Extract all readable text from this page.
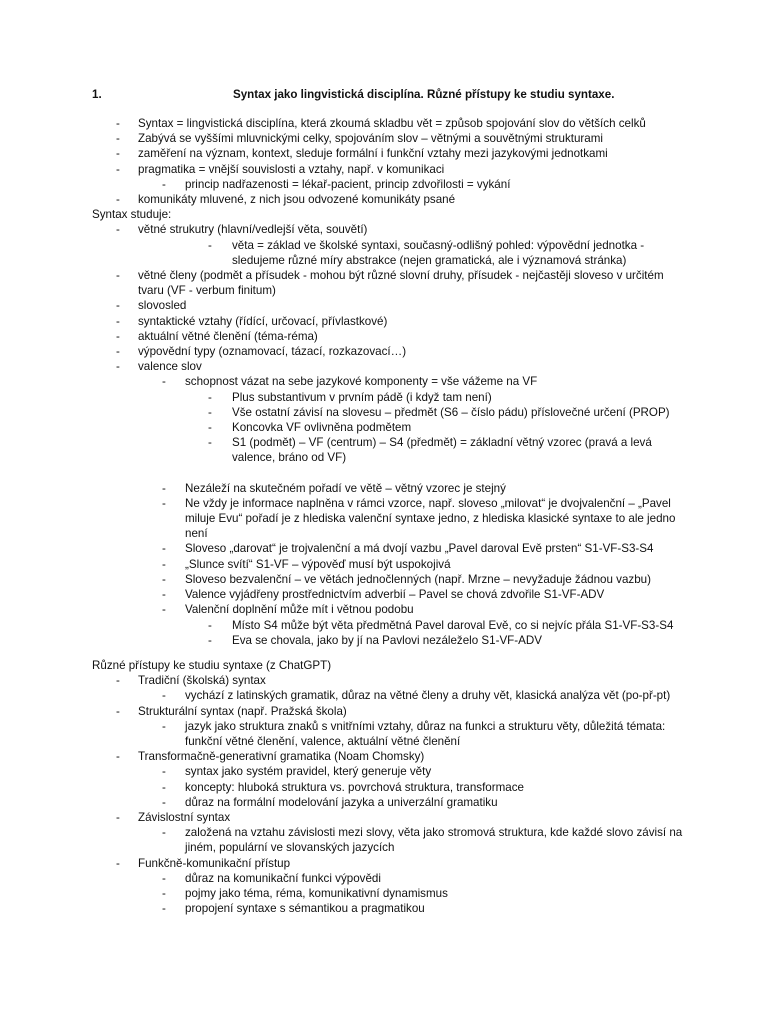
1.	Syntax jako lingvistická disciplína. Různé přístupy ke studiu syntaxe.
- Syntax = lingvistická disciplína, která zkoumá skladbu vět = způsob spojování slov do větších celků
- Zabývá se vyššími mluvnickými celky, spojováním slov – větnými a souvětnými strukturami
- zaměření na význam, kontext, sleduje formální i funkční vztahy mezi jazykovými jednotkami
- pragmatika = vnější souvislosti a vztahy, např. v komunikaci
- princip nadřazenosti = lékař-pacient, princip zdvořilosti = vykání
- komunikáty mluvené, z nich jsou odvozené komunikáty psané

Syntax studuje:

- větné strukutry (hlavní/vedlejší věta, souvětí)
- věta = základ ve školské syntaxi, současný-odlišný pohled: výpovědní jednotka - sledujeme různé míry abstrakce (nejen gramatická, ale i významová stránka)
- větné členy (podmět a přísudek - mohou být různé slovní druhy, přísudek - nejčastěji sloveso v určitém tvaru (VF - verbum finitum)
- slovosled
- syntaktické vztahy (řídící, určovací, přívlastkové)
- aktuální větné členění (téma-réma)
- výpovědní typy (oznamovací, tázací, rozkazovací…)
- valence slov
- schopnost vázat na sebe jazykové komponenty = vše vážeme na VF
- Plus substantivum v prvním pádě (i když tam není)
- Vše ostatní závisí na slovesu – předmět (S6 – číslo pádu) příslovečné určení (PROP)
- Koncovka VF ovlivněna podmětem
- S1 (podmět) – VF (centrum) – S4 (předmět) = základní větný vzorec (pravá a levá valence, bráno od VF)
- Nezáleží na skutečném pořadí ve větě – větný vzorec je stejný
- Ne vždy je informace naplněna v rámci vzorce, např. sloveso „milovat“ je dvojvalenční – „Pavel miluje Evu“ pořadí je z hlediska valenční syntaxe jedno, z hlediska klasické syntaxe to ale jedno není
- Sloveso „darovat“ je trojvalenční a má dvojí vazbu „Pavel daroval Evě prsten“ S1-VF-S3-S4
- „Slunce svítí“ S1-VF – výpověď musí být uspokojivá
- Sloveso bezvalenční – ve větách jednočlenných (např. Mrzne – nevyžaduje žádnou vazbu)
- Valence vyjádřeny prostřednictvím adverbií – Pavel se chová zdvořile S1-VF-ADV
- Valenční doplnění může mít i větnou podobu
- Místo S4 může být věta předmětná Pavel daroval Evě, co si nejvíc přála S1-VF-S3-S4
- Eva se chovala, jako by jí na Pavlovi nezáleželo S1-VF-ADV

Různé přístupy ke studiu syntaxe (z ChatGPT)

- Tradiční (školská) syntax
- vychází z latinských gramatik, důraz na větné členy a druhy vět, klasická analýza vět (po-př-pt)
- Strukturální syntax (např. Pražská škola)
- jazyk jako struktura znaků s vnitřními vztahy, důraz na funkci a strukturu věty, důležitá témata: funkční větné členění, valence, aktuální větné členění
- Transformačně-generativní gramatika (Noam Chomsky)
- syntax jako systém pravidel, který generuje věty
- koncepty: hluboká struktura vs. povrchová struktura, transformace
- důraz na formální modelování jazyka a univerzální gramatiku
- Závislostní syntax
- založená na vztahu závislosti mezi slovy, věta jako stromová struktura, kde každé slovo závisí na jiném, populární ve slovanských jazycích
- Funkčně-komunikační přístup
- důraz na komunikační funkci výpovědi
- pojmy jako téma, réma, komunikativní dynamismus
- propojení syntaxe s sémantikou a pragmatikou
